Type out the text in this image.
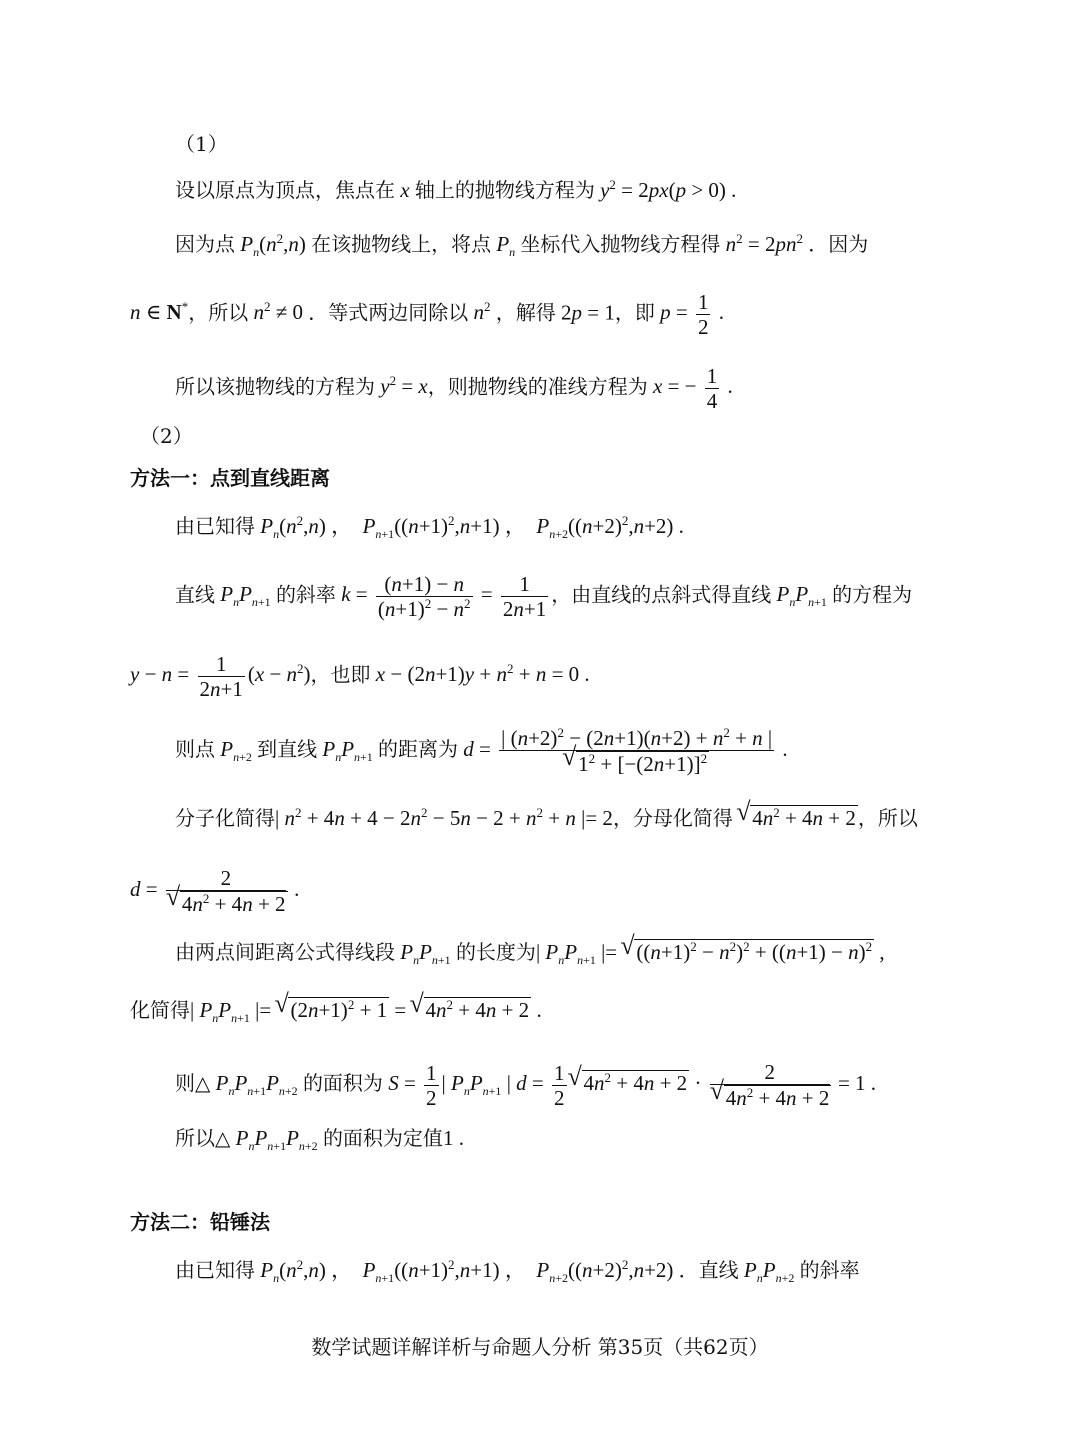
（1）
设以原点为顶点，焦点在 x 轴上的抛物线方程为 $y^2 = 2px(p > 0)$ .
因为点 $P_n(n^2,n)$ 在该抛物线上，将点 $P_n$ 坐标代入抛物线方程得 $n^2 = 2pn^2$ ．因为
n ∈ N*，所以 $n^2 \ne 0$ ．等式两边同除以 $n^2$ ，解得 2p = 1，即 $p = \frac{1}{2}$ .
所以该抛物线的方程为 $y^2 = x$，则抛物线的准线方程为 x = − $\frac{1}{4}$ .
（2）
方法一：点到直线距离
由已知得 $P_n(n^2,n)$ ，  $P_{n+1}((n+1)^2,n+1)$ ，  $P_{n+2}((n+2)^2,n+2)$ .
直线 $P_nP_{n+1}$ 的斜率 $k = \frac{(n+1) - n}{(n+1)^2 - n^2} = \frac{1}{2n+1}$ ，由直线的点斜式得直线 $P_nP_{n+1}$ 的方程为
$y - n = \frac{1}{2n+1} (x - n^2)$，也即 $x - (2n+1)y + n^2 + n = 0$ .
则点 $P_{n+2}$ 到直线 $P_nP_{n+1}$ 的距离为 d = | $(n+2)^2 - (2n+1)(n+2) + n^2 + n$ |
√ $1^2 + [-(2n+1)]^2$ .
分子化简得| $n^2 + 4n + 4 - 2n^2 - 5n - 2 + n^2 + n$ |= 2，分母化简得 √ $4n^2 + 4n + 2$ ，所以
d = 2
√ $4n^2 + 4n + 2$ .
由两点间距离公式得线段 $P_nP_{n+1}$ 的长度为| $P_nP_{n+1}$ |= √ $((n+1)^2 - n^2)^2 + ((n+1) - n)^2$ ,
化简得| $P_nP_{n+1}$ |= √ $(2n+1)^2 + 1$ = √ $4n^2 + 4n + 2$ .
则△ $P_nP_{n+1}P_{n+2}$ 的面积为 $S = \frac{1}{2}$ | $P_nP_{n+1}$ | $d = \frac{1}{2}$ √ $4n^2 + 4n + 2 \cdot 2$
√ $4n^2 + 4n + 2 = 1$ .
所以△ $P_nP_{n+1}P_{n+2}$ 的面积为定值1 .
方法二：铅锤法
由已知得 $P_n(n^2,n)$ ，  $P_{n+1}((n+1)^2,n+1)$ ，  $P_{n+2}((n+2)^2,n+2)$ ．直线 $P_nP_{n+2}$ 的斜率
数学试题详解详析与命题人分析 第35页（共62页）
